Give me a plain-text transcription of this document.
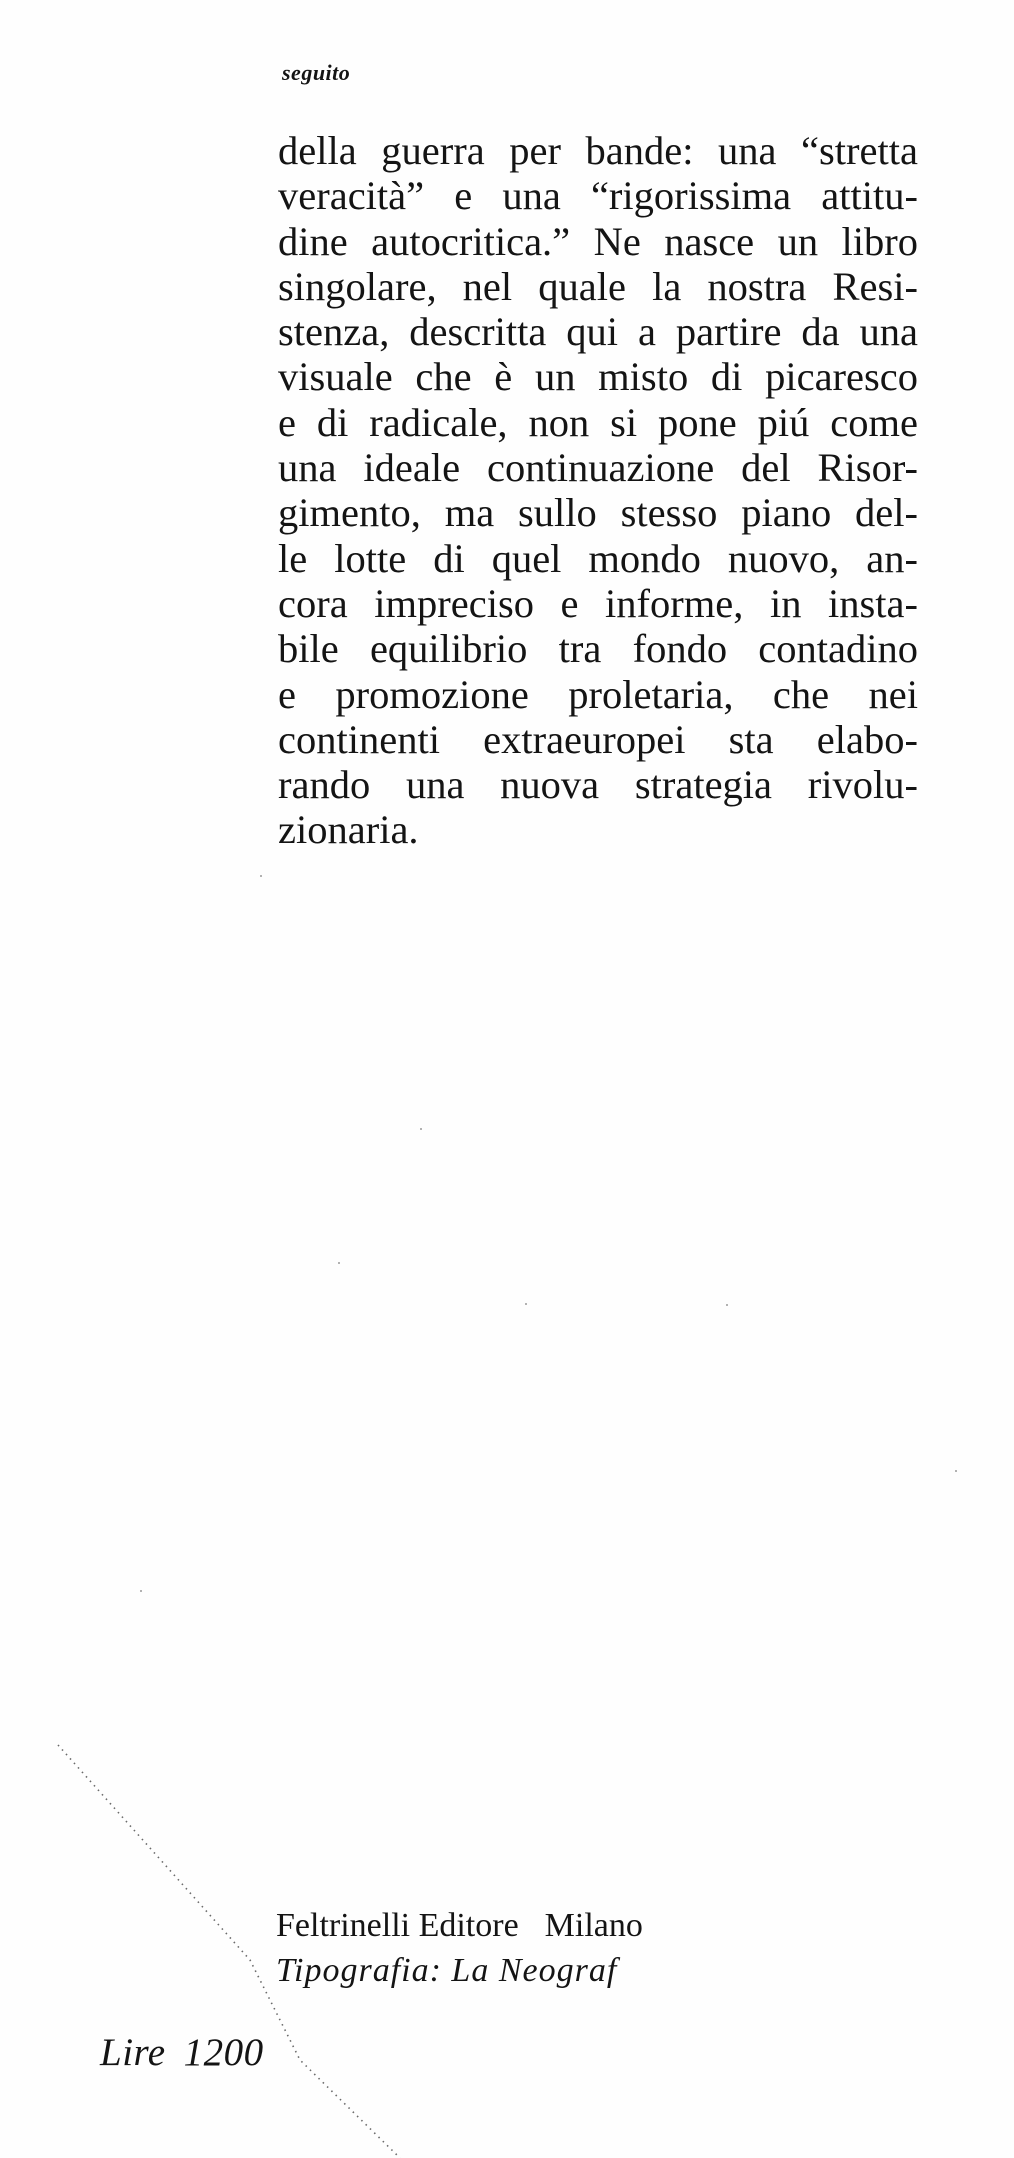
seguito

della guerra per bande: una “stretta
veracità” e una “rigorissima attitu-
dine autocritica.” Ne nasce un libro
singolare, nel quale la nostra Resi-
stenza, descritta qui a partire da una
visuale che è un misto di picaresco
e di radicale, non si pone piú come
una ideale continuazione del Risor-
gimento, ma sullo stesso piano del-
le lotte di quel mondo nuovo, an-
cora impreciso e informe, in insta-
bile equilibrio tra fondo contadino
e promozione proletaria, che nei
continenti extraeuropei sta elabo-
rando una nuova strategia rivolu-
zionaria.

Feltrinelli Editore Milano
Tipografia: La Neograf

Lire 1200
